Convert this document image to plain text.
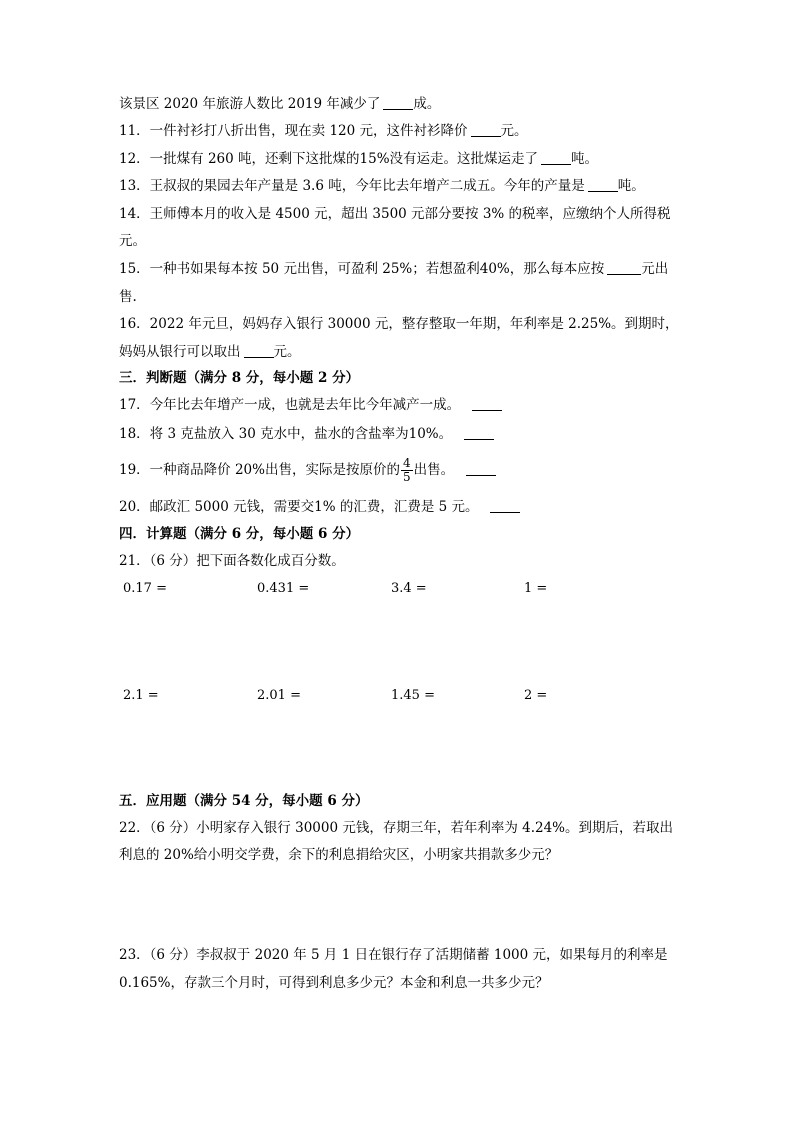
该景区 2020 年旅游人数比 2019 年减少了 成。
11．一件衬衫打八折出售，现在卖 120 元，这件衬衫降价 元。
12．一批煤有 260 吨，还剩下这批煤的15%没有运走。这批煤运走了 吨。
13．王叔叔的果园去年产量是 3.6 吨，今年比去年增产二成五。今年的产量是 吨。
14．王师傅本月的收入是 4500 元，超出 3500 元部分要按 3% 的税率，应缴纳个人所得税
元。
15．一种书如果每本按 50 元出售，可盈利 25%；若想盈利40%，那么每本应按	元出
售.
16．2022 年元旦，妈妈存入银行 30000 元，整存整取一年期，年利率是 2.25%。到期时，
妈妈从银行可以取出 元。
三．判断题（满分 8 分，每小题 2 分）
17．今年比去年增产一成，也就是去年比今年减产一成。
18．将 3 克盐放入 30 克水中，盐水的含盐率为10%。
19．一种商品降价 20%出售，实际是按原价的 $\frac{4}{5}$ 出售。
20．邮政汇 5000 元钱，需要交1% 的汇费，汇费是 5 元。
四．计算题（满分 6 分，每小题 6 分）
21．（6 分）把下面各数化成百分数。
0.17 =	0.431 =	3.4 =	1 =
2.1 =	2.01 =	1.45 =	2 =
五．应用题（满分 54 分，每小题 6 分）
22．（6 分）小明家存入银行 30000 元钱，存期三年，若年利率为 4.24%。到期后，若取出
利息的 20%给小明交学费，余下的利息捐给灾区，小明家共捐款多少元？
23．（6 分）李叔叔于 2020 年 5 月 1 日在银行存了活期储蓄 1000 元，如果每月的利率是
0.165%，存款三个月时，可得到利息多少元？本金和利息一共多少元？
